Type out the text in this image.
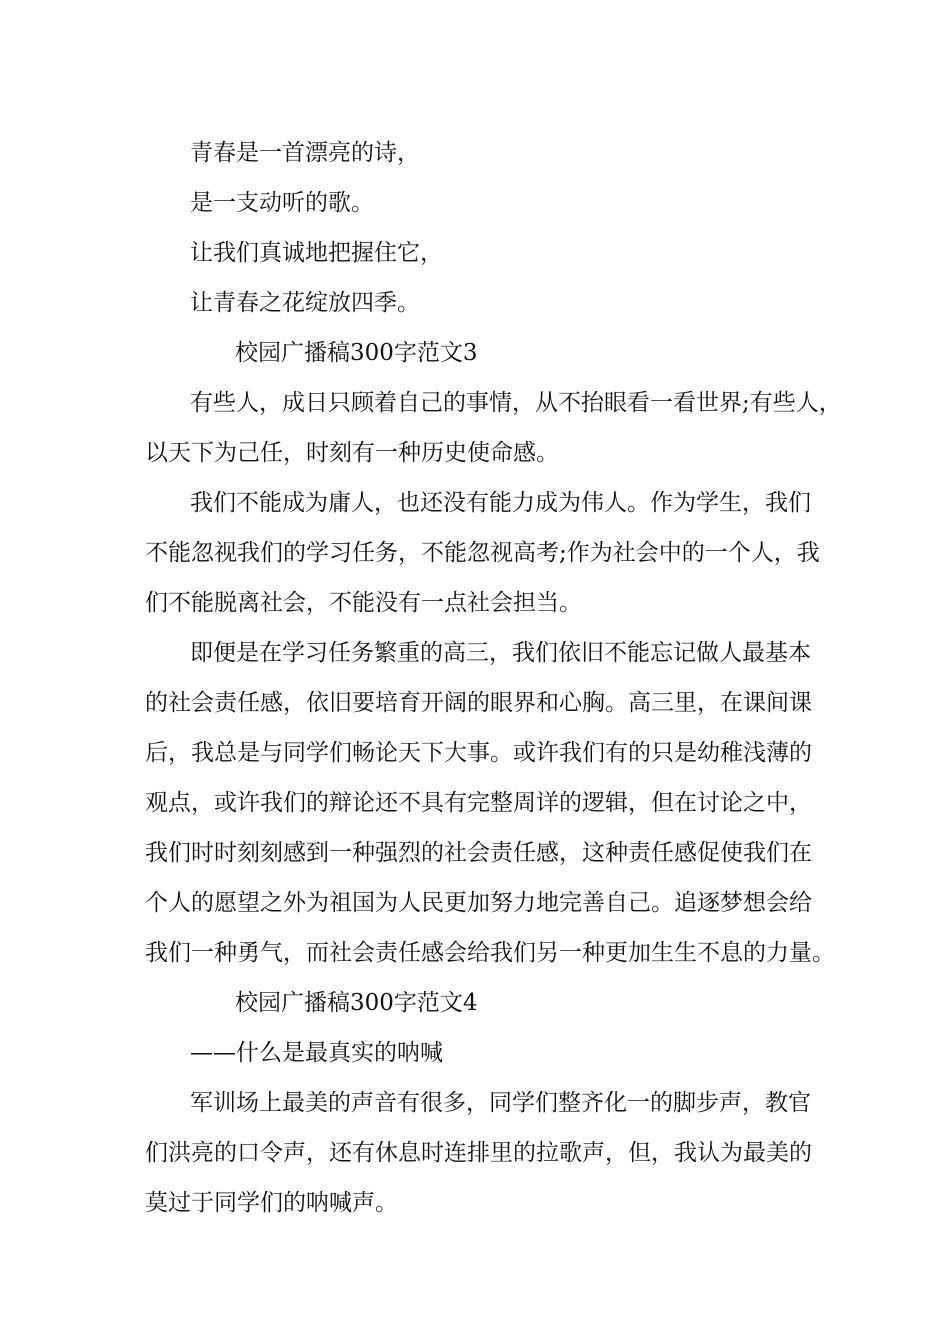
青春是一首漂亮的诗，

是一支动听的歌。

让我们真诚地把握住它，

让青春之花绽放四季。

校园广播稿300字范文3

有些人，成日只顾着自己的事情，从不抬眼看一看世界;有些人，

以天下为己任，时刻有一种历史使命感。

我们不能成为庸人，也还没有能力成为伟人。作为学生，我们

不能忽视我们的学习任务，不能忽视高考;作为社会中的一个人，我

们不能脱离社会，不能没有一点社会担当。

即便是在学习任务繁重的高三，我们依旧不能忘记做人最基本

的社会责任感，依旧要培育开阔的眼界和心胸。高三里，在课间课

后，我总是与同学们畅论天下大事。或许我们有的只是幼稚浅薄的

观点，或许我们的辩论还不具有完整周详的逻辑，但在讨论之中，

我们时时刻刻感到一种强烈的社会责任感，这种责任感促使我们在

个人的愿望之外为祖国为人民更加努力地完善自己。追逐梦想会给

我们一种勇气，而社会责任感会给我们另一种更加生生不息的力量。

校园广播稿300字范文4

——什么是最真实的呐喊

军训场上最美的声音有很多，同学们整齐化一的脚步声，教官

们洪亮的口令声，还有休息时连排里的拉歌声，但，我认为最美的

莫过于同学们的呐喊声。
